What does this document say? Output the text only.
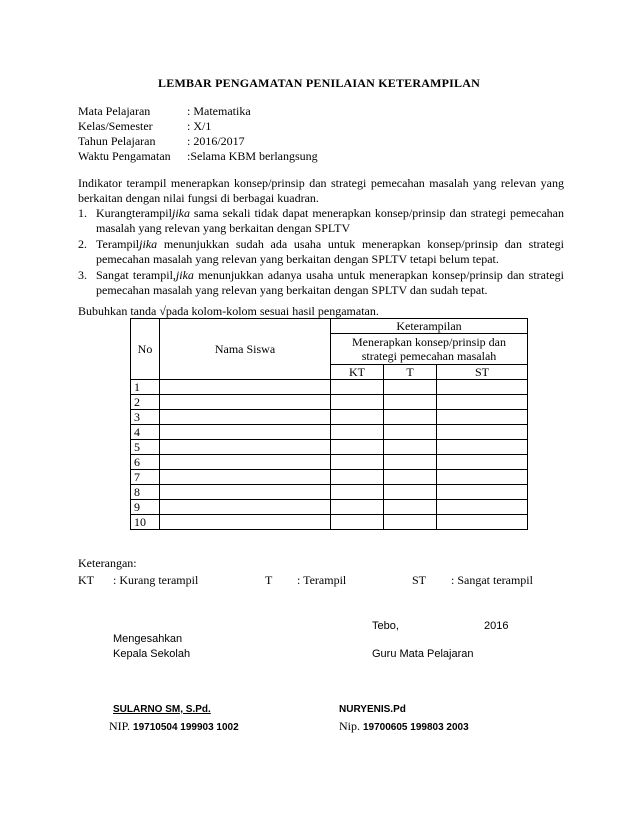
LEMBAR PENGAMATAN PENILAIAN KETERAMPILAN
Mata Pelajaran	: Matematika
Kelas/Semester	: X/1
Tahun Pelajaran	: 2016/2017
Waktu Pengamatan :Selama KBM berlangsung
Indikator terampil menerapkan konsep/prinsip dan strategi pemecahan masalah yang relevan yang berkaitan dengan nilai fungsi di berbagai kuadran.
1. Kurangterampiljika sama sekali tidak dapat menerapkan konsep/prinsip dan strategi pemecahan masalah yang relevan yang berkaitan dengan SPLTV
2. Terampiljika menunjukkan sudah ada usaha untuk menerapkan konsep/prinsip dan strategi pemecahan masalah yang relevan yang berkaitan dengan SPLTV tetapi belum tepat.
3. Sangat terampil,jika menunjukkan adanya usaha untuk menerapkan konsep/prinsip dan strategi pemecahan masalah yang relevan yang berkaitan dengan SPLTV dan sudah tepat.
Bubuhkan tanda √pada kolom-kolom sesuai hasil pengamatan.
No	Nama Siswa	Keterampilan		
		Menerapkan konsep/prinsip dan strategi pemecahan masalah		
		KT	T	ST
1				
2				
3				
4				
5				
6				
7				
8				
9				
10				
Keterangan:
KT : Kurang terampil	T : Terampil	ST : Sangat terampil
Tebo,	2016
Mengesahkan
Kepala Sekolah	Guru Mata Pelajaran
SULARNO SM, S.Pd.	NURYENIS.Pd
NIP. 19710504 199903 1002	Nip. 19700605 199803 2003
